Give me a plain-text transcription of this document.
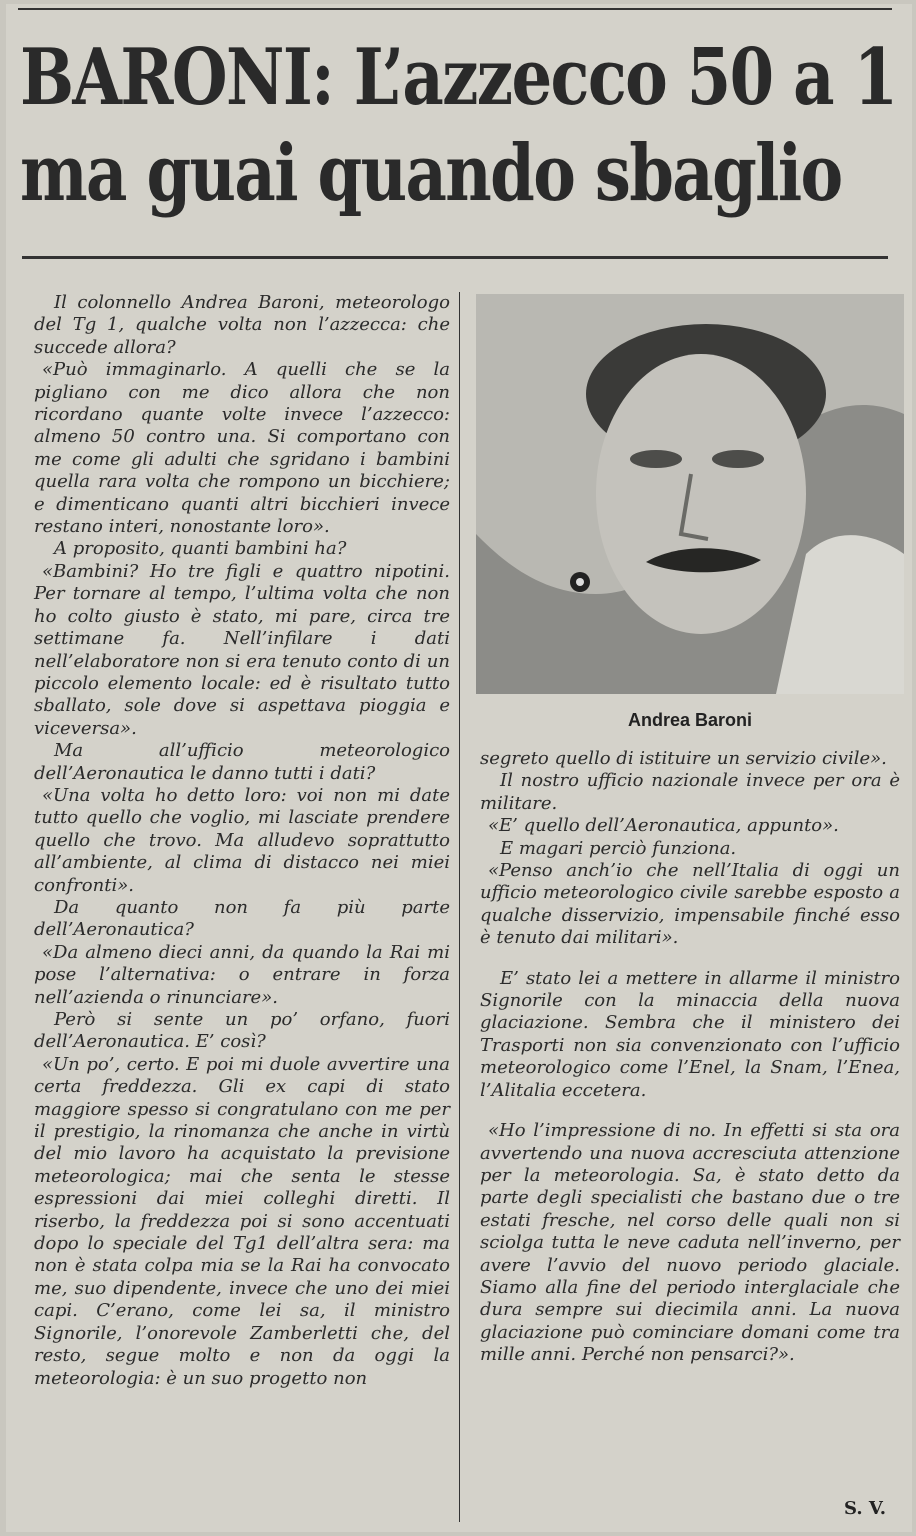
BARONI: L’azzecco 50 a 1
ma guai quando sbaglio

Il colonnello Andrea Baroni, meteorologo del Tg 1, qualche volta non l’azzecca: che succede allora?

«Può immaginarlo. A quelli che se la pigliano con me dico allora che non ricordano quante volte invece l’azzecco: almeno 50 contro una. Si comportano con me come gli adulti che sgridano i bambini quella rara volta che rompono un bicchiere; e dimenticano quanti altri bicchieri invece restano interi, nonostante loro».

A proposito, quanti bambini ha?

«Bambini? Ho tre figli e quattro nipotini. Per tornare al tempo, l’ultima volta che non ho colto giusto è stato, mi pare, circa tre settimane fa. Nell’infilare i dati nell’elaboratore non si era tenuto conto di un piccolo elemento locale: ed è risultato tutto sballato, sole dove si aspettava pioggia e viceversa».

Ma all’ufficio meteorologico dell’Aeronautica le danno tutti i dati?

«Una volta ho detto loro: voi non mi date tutto quello che voglio, mi lasciate prendere quello che trovo. Ma alludevo soprattutto all’ambiente, al clima di distacco nei miei confronti».

Da quanto non fa più parte dell’Aeronautica?

«Da almeno dieci anni, da quando la Rai mi pose l’alternativa: o entrare in forza nell’azienda o rinunciare».

Però si sente un po’ orfano, fuori dell’Aeronautica. E’ così?

«Un po’, certo. E poi mi duole avvertire una certa freddezza. Gli ex capi di stato maggiore spesso si congratulano con me per il prestigio, la rinomanza che anche in virtù del mio lavoro ha acquistato la previsione meteorologica; mai che senta le stesse espressioni dai miei colleghi diretti. Il riserbo, la freddezza poi si sono accentuati dopo lo speciale del Tg1 dell’altra sera: ma non è stata colpa mia se la Rai ha convocato me, suo dipendente, invece che uno dei miei capi. C’erano, come lei sa, il ministro Signorile, l’onorevole Zamberletti che, del resto, segue molto e non da oggi la meteorologia: è un suo progetto non

Andrea Baroni

segreto quello di istituire un servizio civile».

Il nostro ufficio nazionale invece per ora è militare.

«E’ quello dell’Aeronautica, appunto».

E magari perciò funziona.

«Penso anch’io che nell’Italia di oggi un ufficio meteorologico civile sarebbe esposto a qualche disservizio, impensabile finché esso è tenuto dai militari».

E’ stato lei a mettere in allarme il ministro Signorile con la minaccia della nuova glaciazione. Sembra che il ministero dei Trasporti non sia convenzionato con l’ufficio meteorologico come l’Enel, la Snam, l’Enea, l’Alitalia eccetera.

«Ho l’impressione di no. In effetti si sta ora avvertendo una nuova accresciuta attenzione per la meteorologia. Sa, è stato detto da parte degli specialisti che bastano due o tre estati fresche, nel corso delle quali non si sciolga tutta le neve caduta nell’inverno, per avere l’avvio del nuovo periodo glaciale. Siamo alla fine del periodo interglaciale che dura sempre sui diecimila anni. La nuova glaciazione può cominciare domani come tra mille anni. Perché non pensarci?».

S. V.
